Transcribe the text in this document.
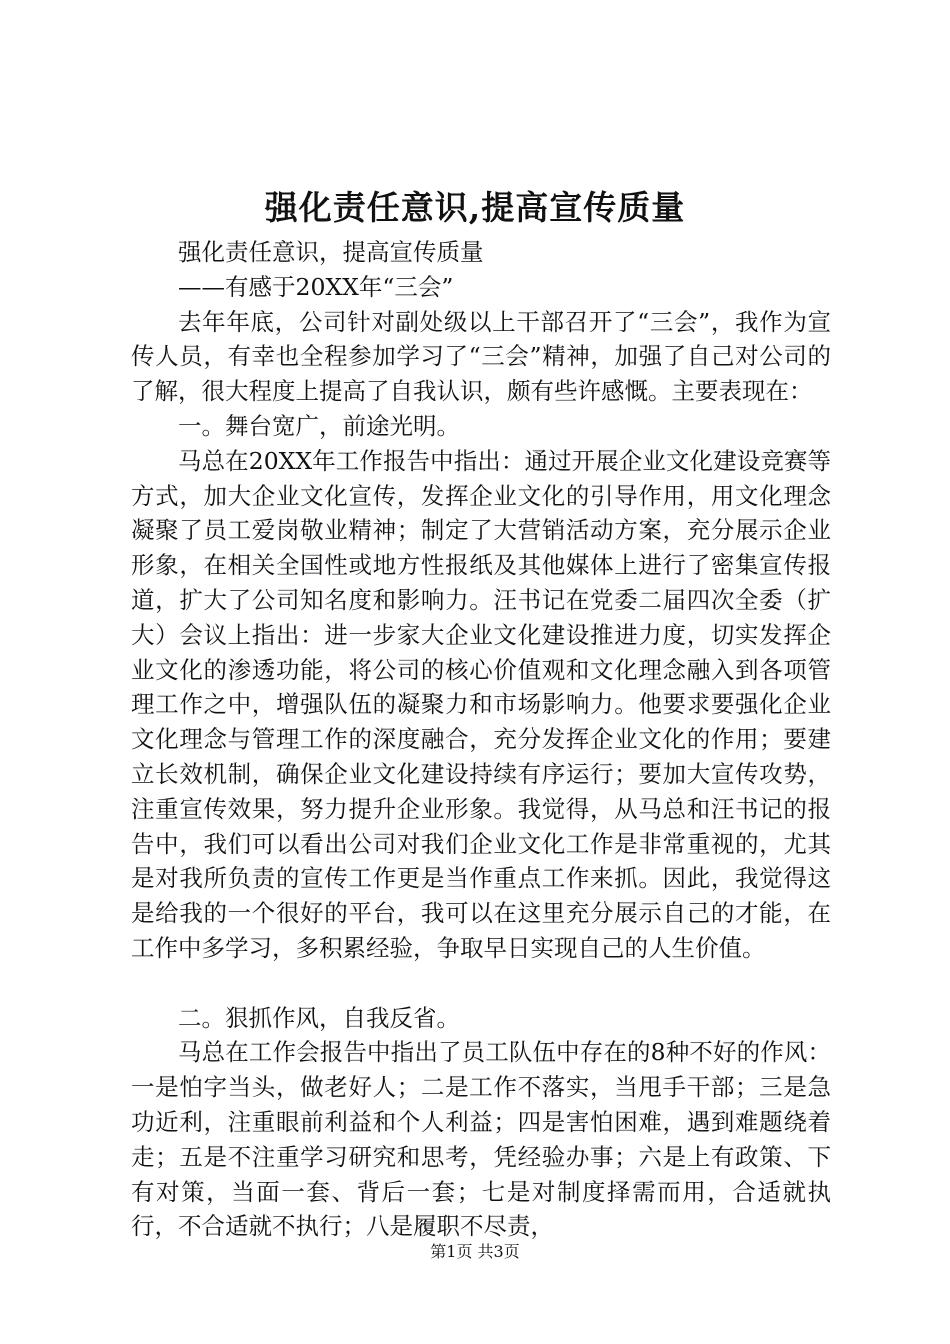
强化责任意识,提高宣传质量

强化责任意识，提高宣传质量

——有感于20XX年“三会”

去年年底，公司针对副处级以上干部召开了“三会”，我作为宣传人员，有幸也全程参加学习了“三会”精神，加强了自己对公司的了解，很大程度上提高了自我认识，颇有些许感慨。主要表现在：

一。舞台宽广，前途光明。

马总在20XX年工作报告中指出：通过开展企业文化建设竞赛等方式，加大企业文化宣传，发挥企业文化的引导作用，用文化理念凝聚了员工爱岗敬业精神；制定了大营销活动方案，充分展示企业形象，在相关全国性或地方性报纸及其他媒体上进行了密集宣传报道，扩大了公司知名度和影响力。汪书记在党委二届四次全委（扩大）会议上指出：进一步家大企业文化建设推进力度，切实发挥企业文化的渗透功能，将公司的核心价值观和文化理念融入到各项管理工作之中，增强队伍的凝聚力和市场影响力。他要求要强化企业文化理念与管理工作的深度融合，充分发挥企业文化的作用；要建立长效机制，确保企业文化建设持续有序运行；要加大宣传攻势，注重宣传效果，努力提升企业形象。我觉得，从马总和汪书记的报告中，我们可以看出公司对我们企业文化工作是非常重视的，尤其是对我所负责的宣传工作更是当作重点工作来抓。因此，我觉得这是给我的一个很好的平台，我可以在这里充分展示自己的才能，在工作中多学习，多积累经验，争取早日实现自己的人生价值。

二。狠抓作风，自我反省。

马总在工作会报告中指出了员工队伍中存在的8种不好的作风：一是怕字当头，做老好人；二是工作不落实，当甩手干部；三是急功近利，注重眼前利益和个人利益；四是害怕困难，遇到难题绕着走；五是不注重学习研究和思考，凭经验办事；六是上有政策、下有对策，当面一套、背后一套；七是对制度择需而用，合适就执行，不合适就不执行；八是履职不尽责，

第1页 共3页
